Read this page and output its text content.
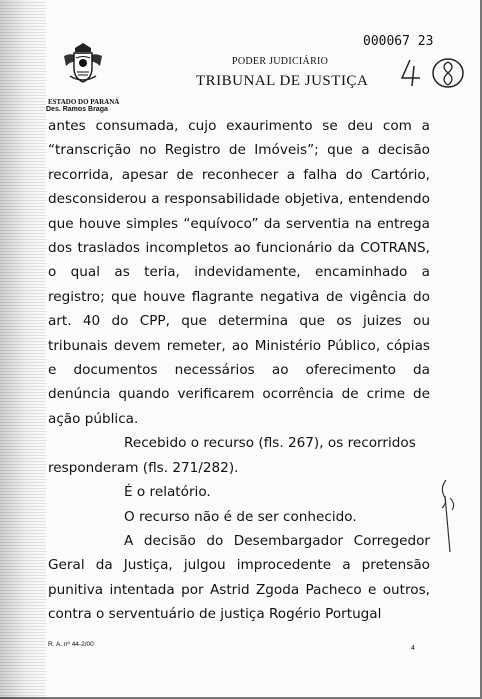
ESTADO DO PARANÁ
Des. Ramos Braga
PODER JUDICIÁRIO
TRIBUNAL DE JUSTIÇA
000067 23

antes consumada, cujo exaurimento se deu com a “transcrição no Registro de Imóveis”; que a decisão recorrida, apesar de reconhecer a falha do Cartório, desconsiderou a responsabilidade objetiva, entendendo que houve simples “equívoco” da serventia na entrega dos traslados incompletos ao funcionário da COTRANS, o qual as teria, indevidamente, encaminhado a registro; que houve flagrante negativa de vigência do art. 40 do CPP, que determina que os juizes ou tribunais devem remeter, ao Ministério Público, cópias e documentos necessários ao oferecimento da denúncia quando verificarem ocorrência de crime de ação pública.

Recebido o recurso (fls. 267), os recorridos responderam (fls. 271/282).

É o relatório.

O recurso não é de ser conhecido.

A decisão do Desembargador Corregedor Geral da Justiça, julgou improcedente a pretensão punitiva intentada por Astrid Zgoda Pacheco e outros, contra o serventuário de justiça Rogério Portugal

R. A. nº 44-2/00
4
